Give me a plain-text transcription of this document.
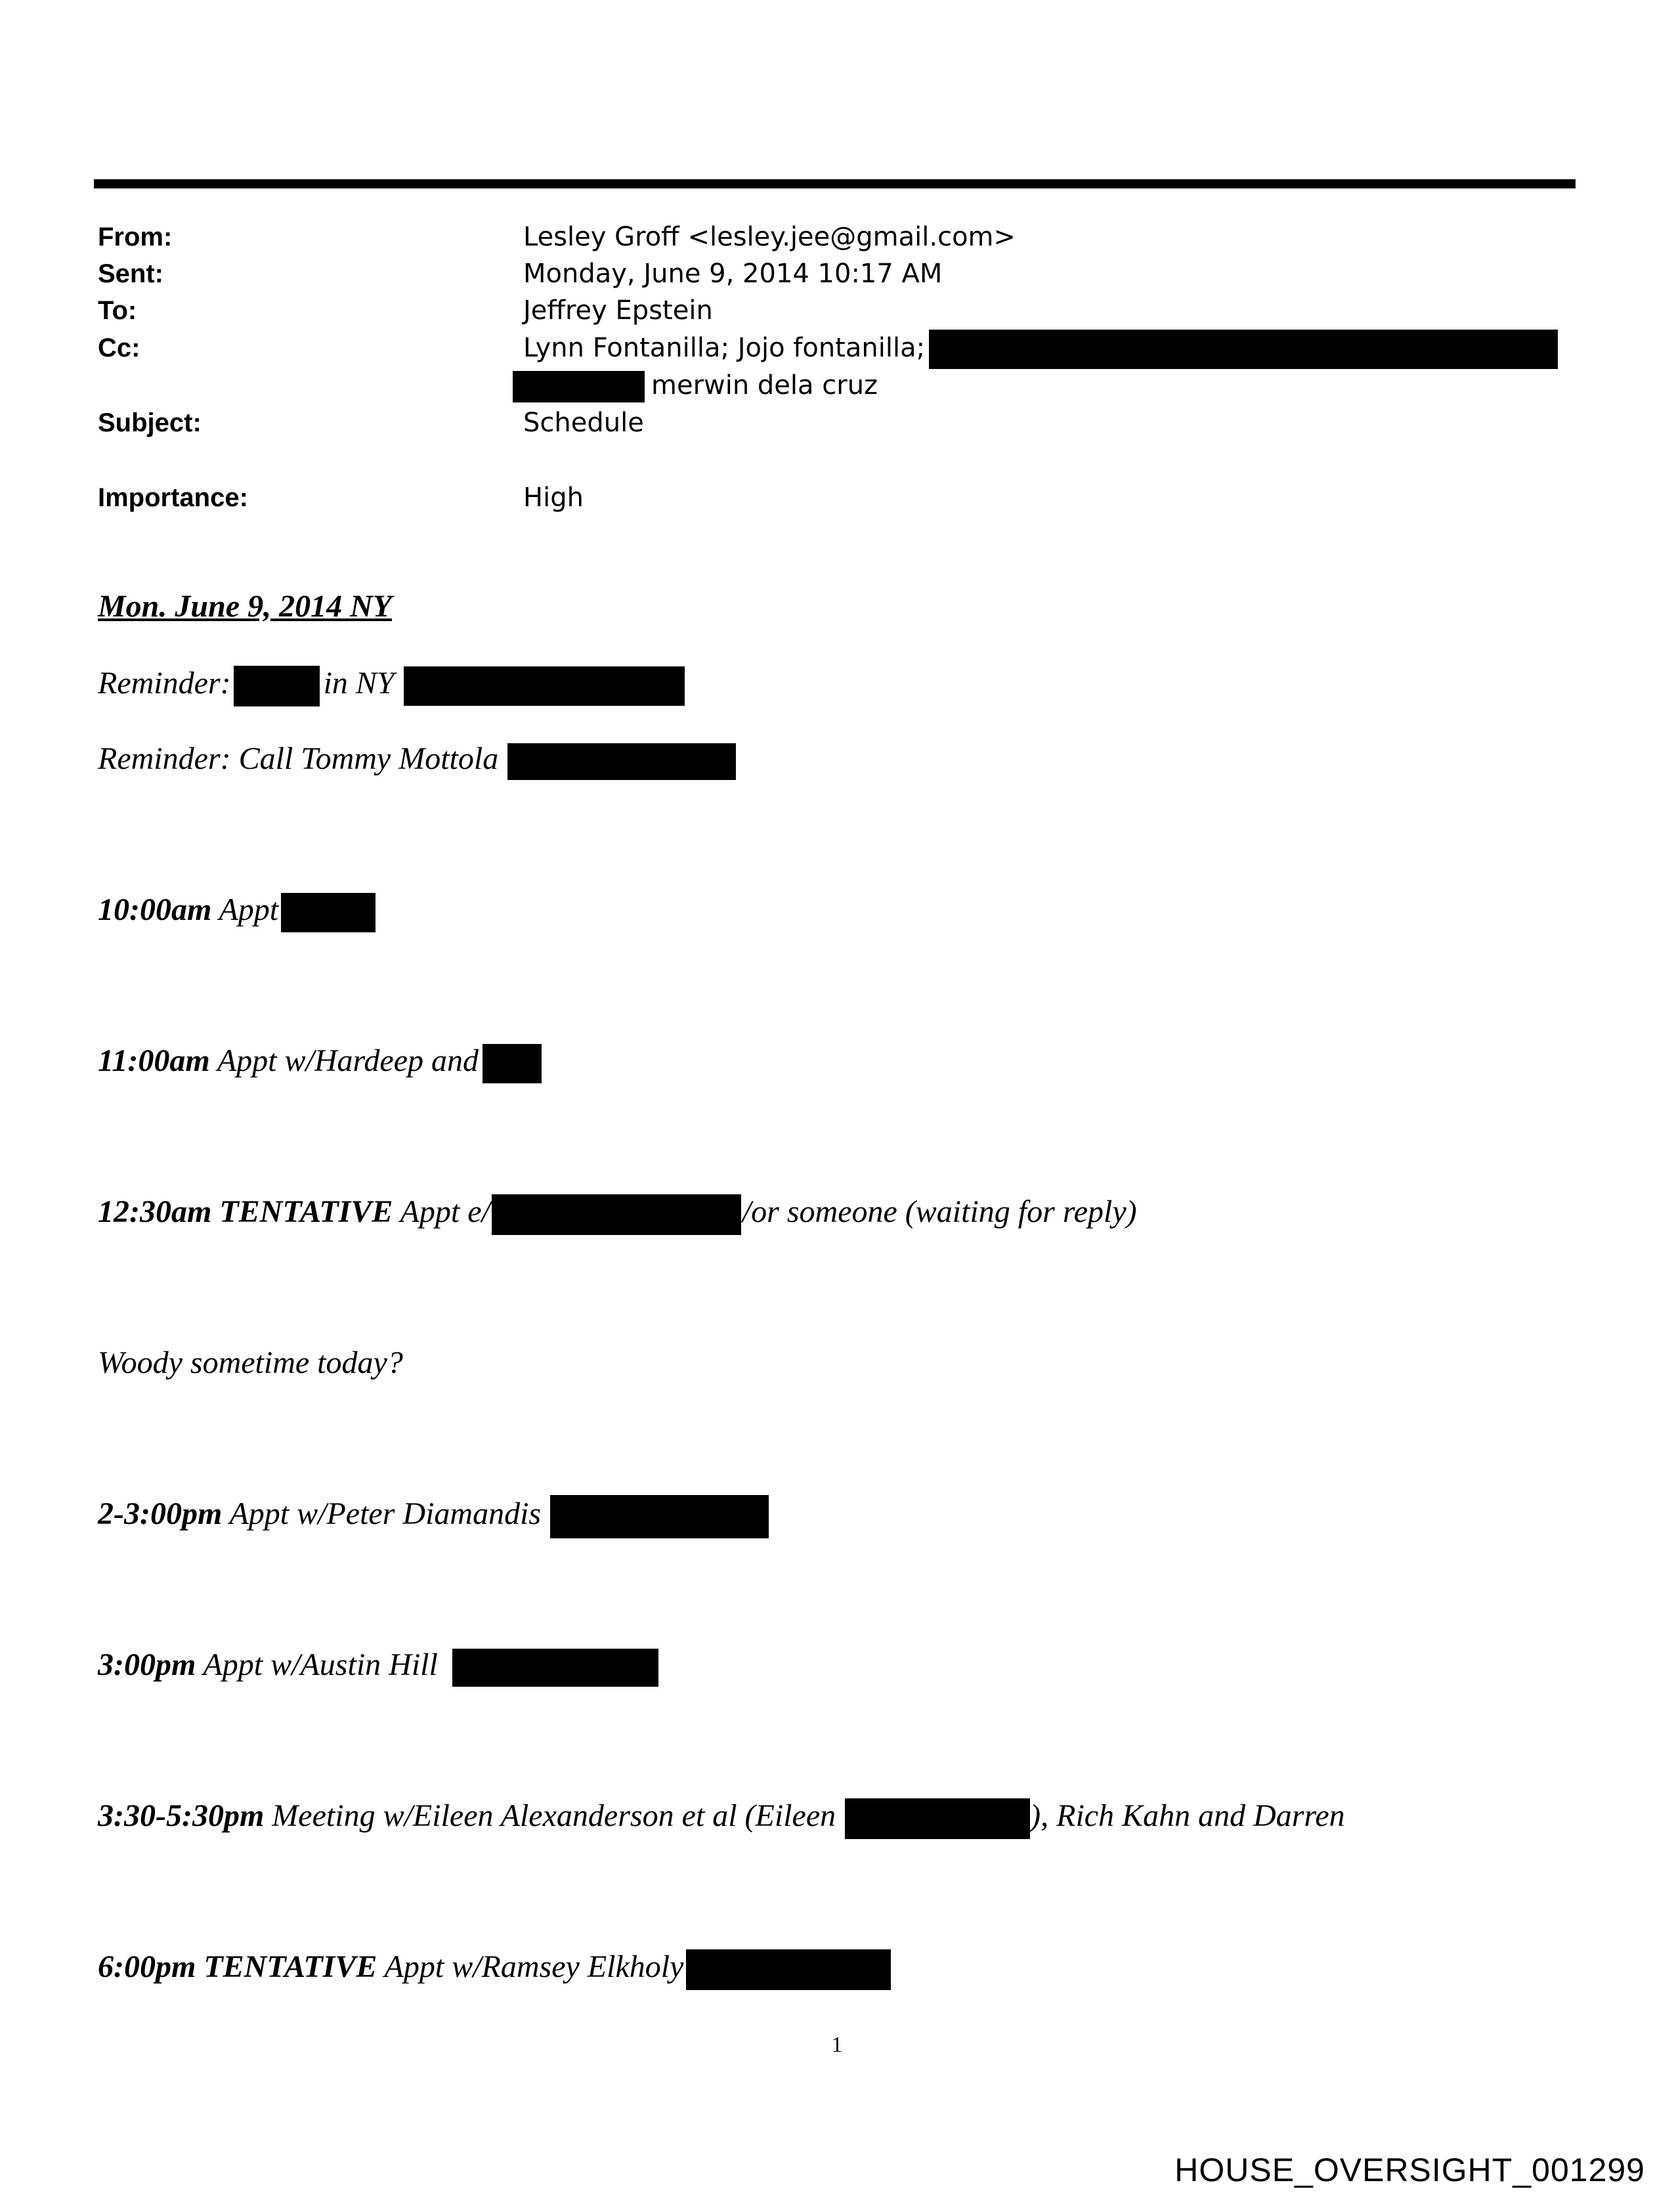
From:	Lesley Groff <lesley.jee@gmail.com>
Sent:	Monday, June 9, 2014 10:17 AM
To:	Jeffrey Epstein
Cc:	Lynn Fontanilla; Jojo fontanilla;
merwin dela cruz
Subject:	Schedule
Importance:	High
Mon. June 9, 2014 NY
Reminder:	in NY
Reminder: Call Tommy Mottola
10:00am Appt
11:00am Appt w/Hardeep and
12:30am TENTATIVE Appt e/	/or someone (waiting for reply)
Woody sometime today?
2-3:00pm Appt w/Peter Diamandis
3:00pm Appt w/Austin Hill
3:30-5:30pm Meeting w/Eileen Alexanderson et al (Eileen	), Rich Kahn and Darren
6:00pm TENTATIVE Appt w/Ramsey Elkholy
1
HOUSE_OVERSIGHT_001299
